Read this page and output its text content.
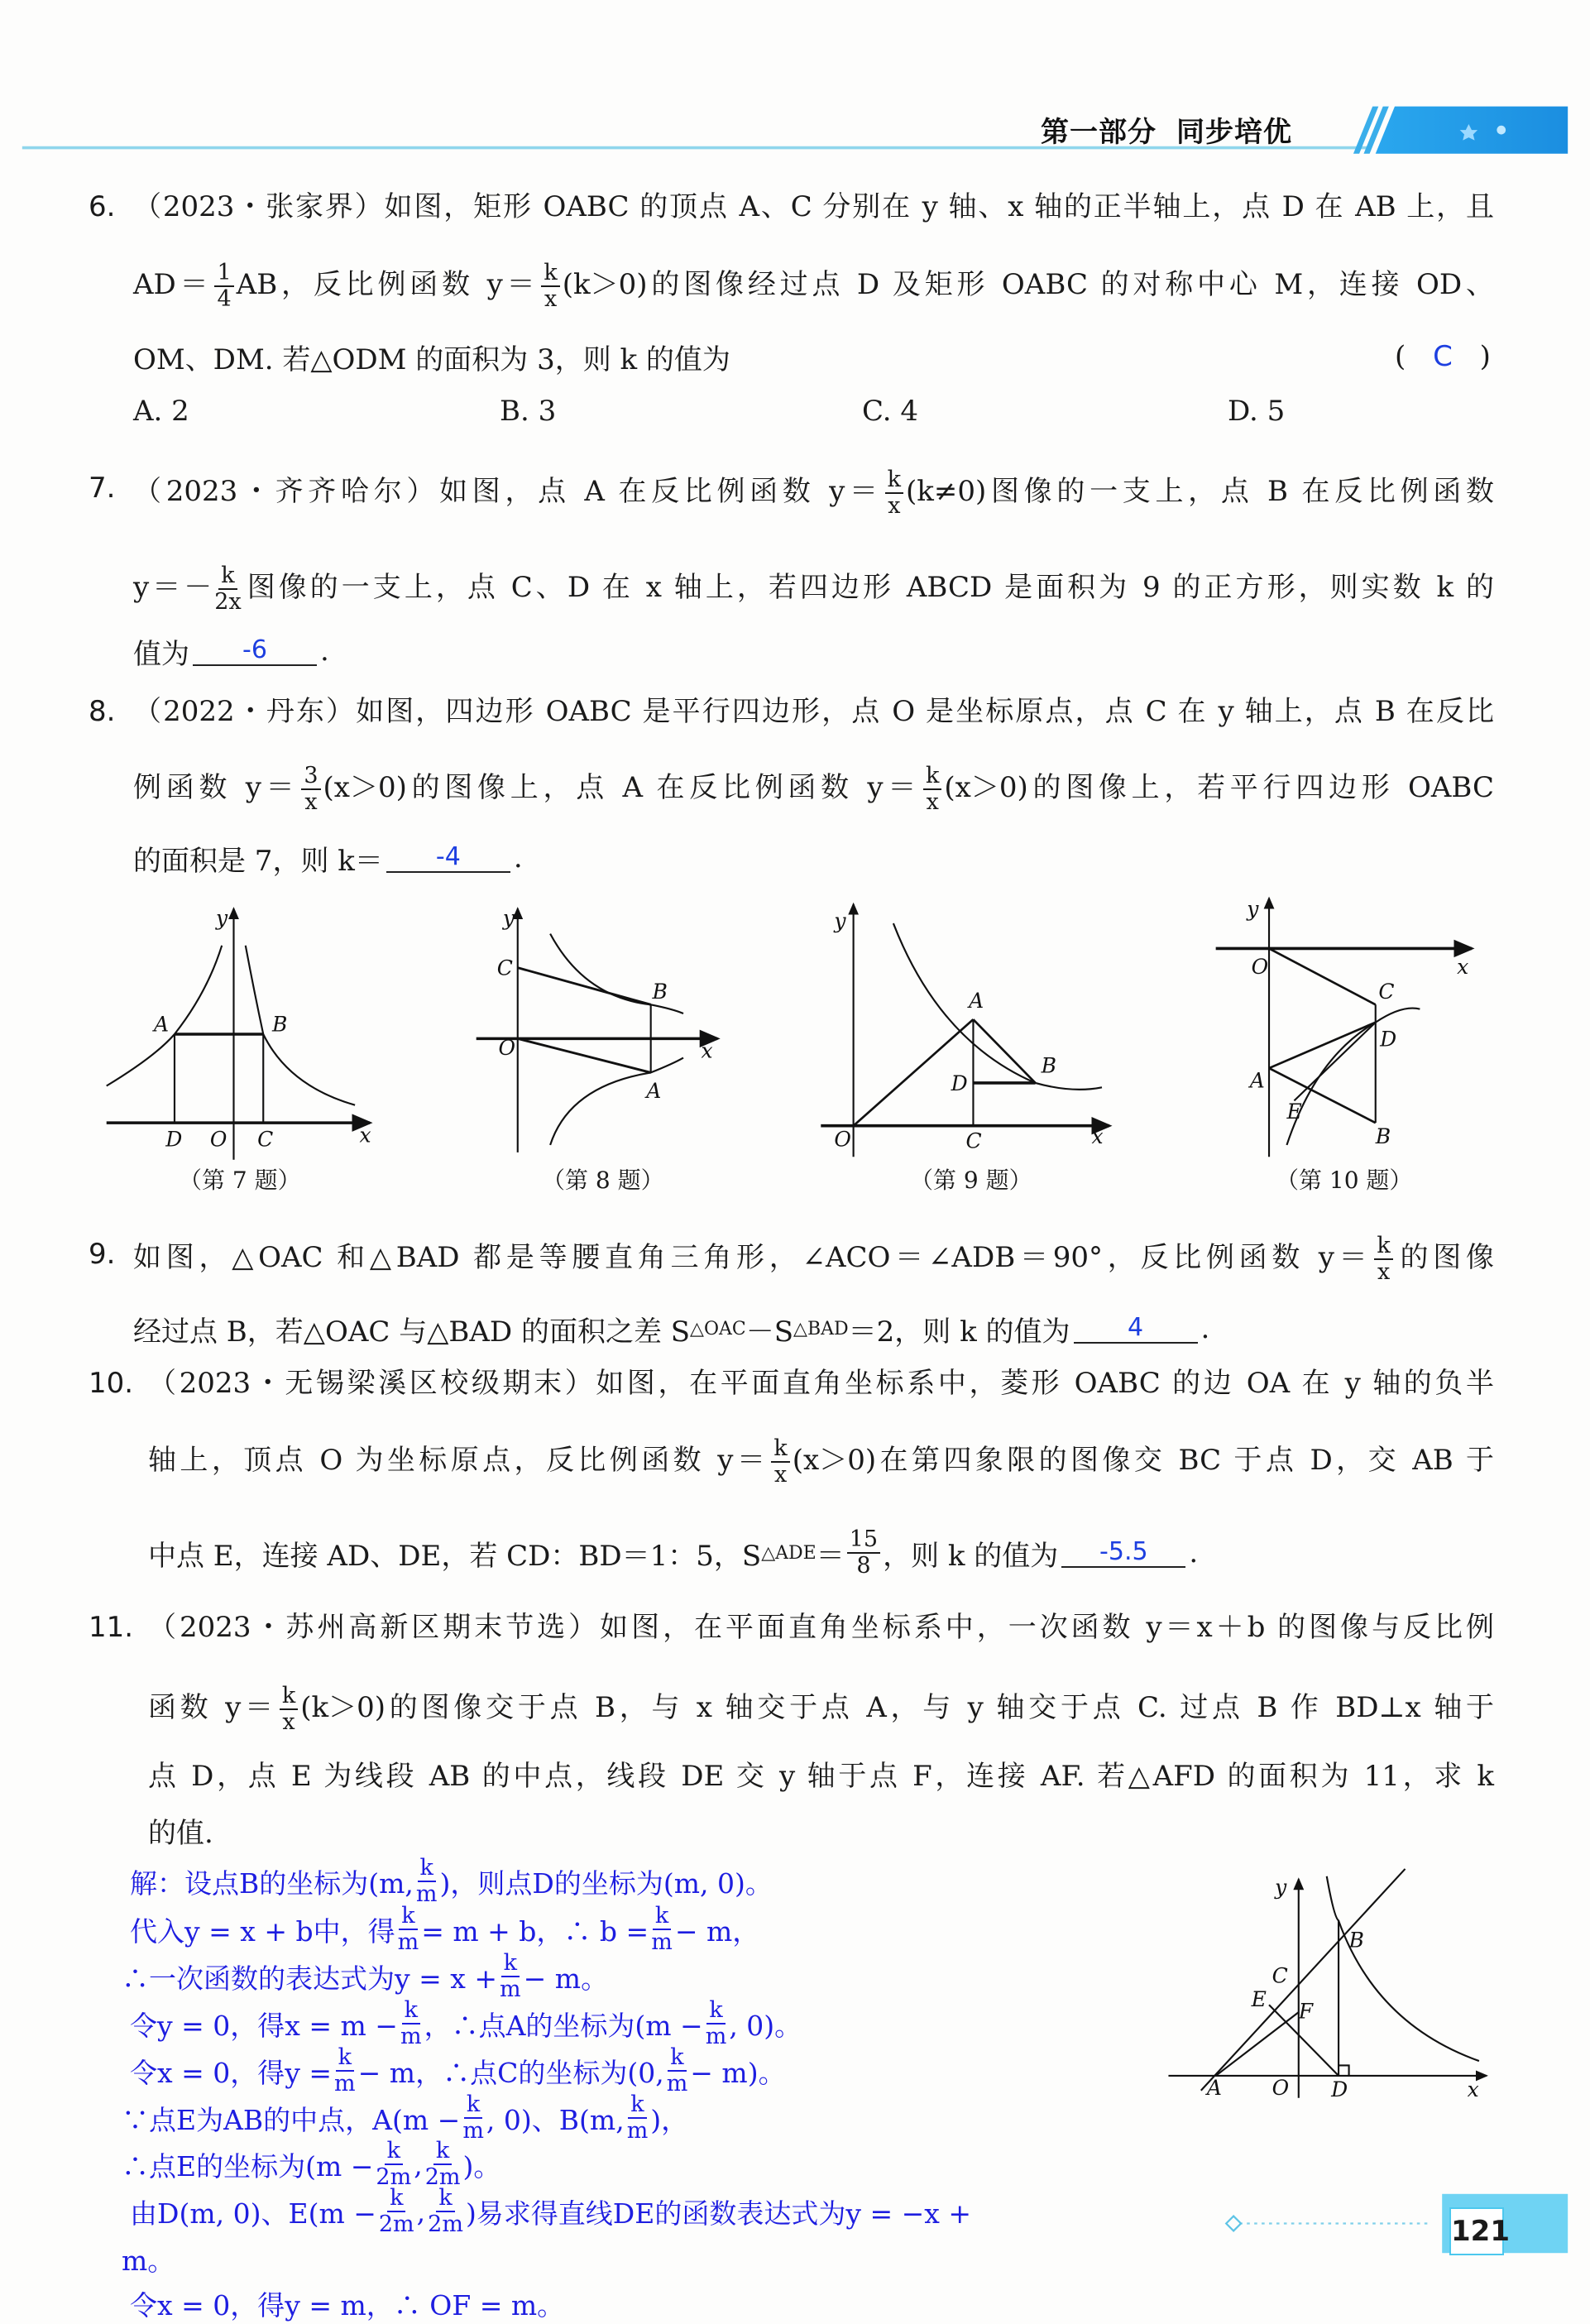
y
A	B
D O	C	x
y
C
B
O	x
A
y
A
D
B
O	C	x
y
O	x
C
D
A
E
B
y
B
C
E	F
A	O	D	x
第一部分 同步培优
6. （2023・张家界）如图，矩形 OABC 的顶点 A、C 分别在 y 轴、x 轴的正半轴上，点 D 在 AB 上，且
$AD= \frac{1}{4}$ AB，反比例函数 $y= \frac{k}{x} (k>0)$的图像经过点 D 及矩形 OABC 的对称中心 M，连接 OD、
OM、DM. 若△ODM 的面积为 3，则 k 的值为	( C )
A. 2	B. 3	C. 4	D. 5
7. （2023・齐齐哈尔）如图，点 A 在反比例函数 $y= \frac{k}{x} (k\ne 0)$图像的一支上，点 B 在反比例函数
$y=- \frac{k}{2x}$ 图像的一支上，点 C、D 在 x 轴上，若四边形 ABCD 是面积为 9 的正方形，则实数 k 的
值为	-6	.
8. （2022・丹东）如图，四边形 OABC 是平行四边形，点 O 是坐标原点，点 C 在 y 轴上，点 B 在反比
例函数 $y= \frac{3}{x} (x>0)$的图像上，点 A 在反比例函数 $y= \frac{k}{x} (x>0)$的图像上，若平行四边形 OABC
的面积是 7，则 k＝	-4	.
（第 7 题）	（第 8 题）	（第 9 题）	（第 10 题）
9. 如图，△OAC 和△BAD 都是等腰直角三角形，∠ACO＝∠ADB＝90°，反比例函数 $y= \frac{k}{x}$ 的图像
经过点 B，若△OAC 与△BAD 的面积之差 S △OAC －S △BAD ＝2，则 k 的值为	4	.
10. （2023・无锡梁溪区校级期末）如图，在平面直角坐标系中，菱形 OABC 的边 OA 在 y 轴的负半
轴上，顶点 O 为坐标原点，反比例函数 $y= \frac{k}{x} (x>0)$在第四象限的图像交 BC 于点 D，交 AB 于
中点 E，连接 AD、DE，若 CD：BD＝1：5，S △ADE ＝ $\frac{15}{8}$ ，则 k 的值为	-5.5	.
11. （2023・苏州高新区期末节选）如图，在平面直角坐标系中，一次函数 y＝x＋b 的图像与反比例
函数 $y= \frac{k}{x} (k>0)$的图像交于点 B，与 x 轴交于点 A，与 y 轴交于点 C. 过点 B 作 BD⊥x 轴于
点 D，点 E 为线段 AB 的中点，线段 DE 交 y 轴于点 F，连接 AF. 若△AFD 的面积为 11，求 k
的值.
解：设点B的坐标为(m, $\frac{k}{m}$ )，则点D的坐标为(m, 0)。
代入y = x + b中，得 $\frac{k}{m} = m + b$，∴ $b = \frac{k}{m} - m$，
∴一次函数的表达式为$y = x + \frac{k}{m} - m$。
令y = 0，得$x = m - \frac{k}{m}$ ，∴点A的坐标为($m - \frac{k}{m}$ , 0)。
令x = 0，得$y = \frac{k}{m} - m$，∴点C的坐标为(0, $\frac{k}{m} - m$)。
∵点E为AB的中点，$A(m - \frac{k}{m}$ , 0)、B(m, $\frac{k}{m}$ )，
∴点E的坐标为($m - \frac{k}{2m}$ , $\frac{k}{2m}$ )。
由D(m, 0)、$E(m - \frac{k}{2m}$ , $\frac{k}{2m}$ )易求得直线DE的函数表达式为y = −x +
m。
令x = 0，得y = m，∴ OF = m。
121
